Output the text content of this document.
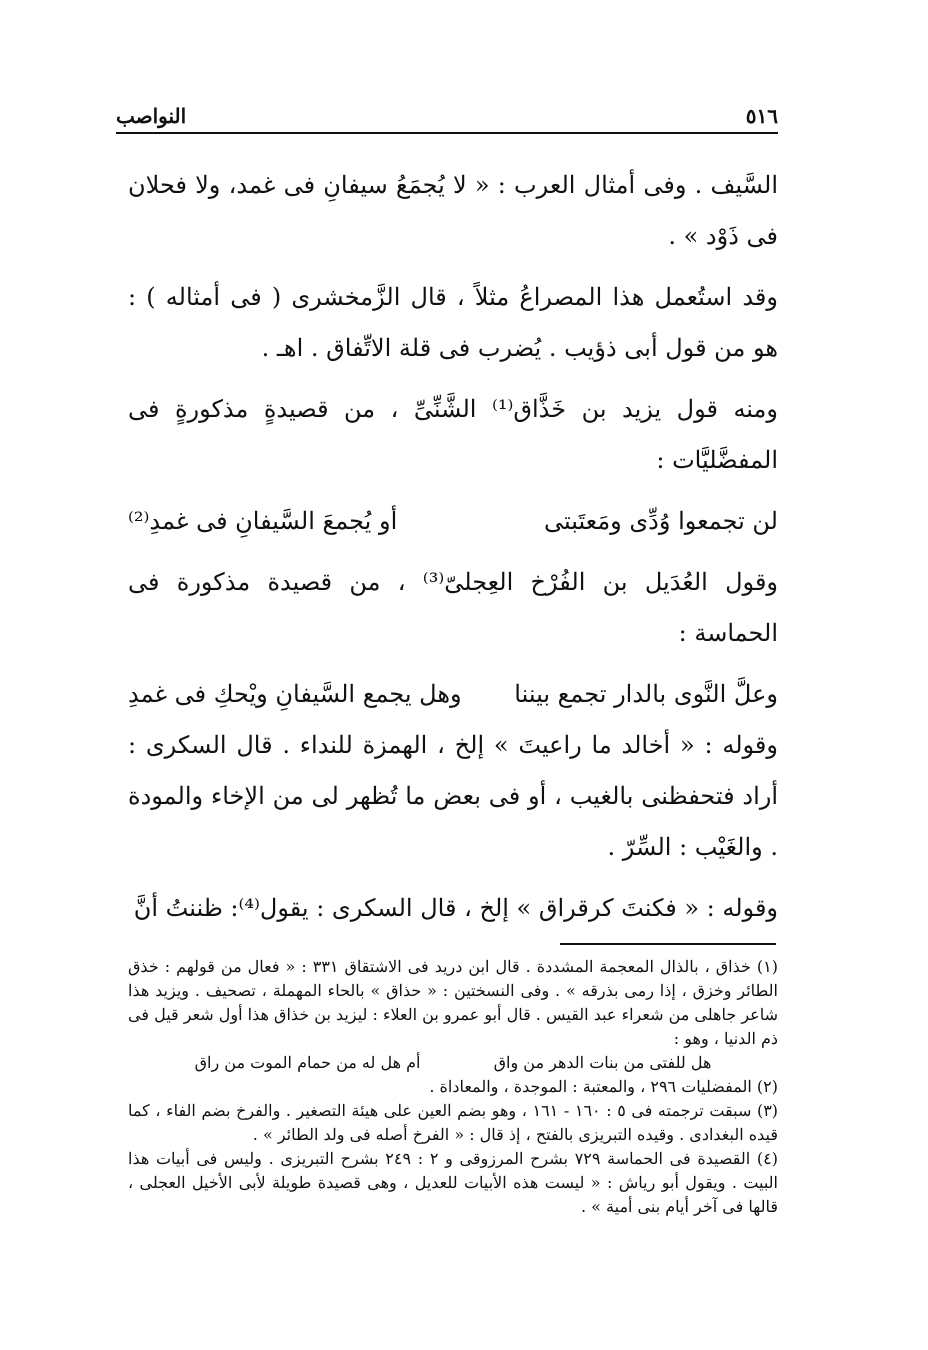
٥١٦
النواصب

السَّيف . وفى أمثال العرب : « لا يُجمَعُ سيفانِ فى غمد، ولا فحلان فى ذَوْد » .

وقد استُعمل هذا المصراعُ مثلاً ، قال الزَّمخشرى ( فى أمثاله ) : هو من قول أبى ذؤيب . يُضرب فى قلة الاتِّفاق . اهـ .

ومنه قول يزيد بن خَذَّاق⁽¹⁾ الشَّنِّىِّ ، من قصيدةٍ مذكورةٍ فى المفضَّليَّات :

لن تجمعوا وُدِّى ومَعتَبتى
أو يُجمعَ السَّيفانِ فى غمدِ⁽²⁾

وقول العُدَيل بن الفُرْخ العِجلىّ⁽³⁾ ، من قصيدة مذكورة فى الحماسة :

وعلَّ النَّوى بالدار تجمع بيننا
وهل يجمع السَّيفانِ ويْحكِ فى غمدِ

وقوله : « أخالد ما راعيتَ » إلخ ، الهمزة للنداء . قال السكرى : أراد فتحفظنى بالغيب ، أو فى بعض ما تُظهر لى من الإخاء والمودة . والغَيْب : السِّرّ .

وقوله : « فكنتَ كرقراق » إلخ ، قال السكرى : يقول⁽⁴⁾: ظننتُ أنَّ

(١) خذاق ، بالذال المعجمة المشددة . قال ابن دريد فى الاشتقاق ٣٣١ : « فعال من قولهم : خذق الطائر وخزق ، إذا رمى بذرقه » . وفى النسختين : « حذاق » بالحاء المهملة ، تصحيف . ويزيد هذا شاعر جاهلى من شعراء عبد القيس . قال أبو عمرو بن العلاء : ليزيد بن خذاق هذا أول شعر قيل فى ذم الدنيا ، وهو :

هل للفتى من بنات الدهر من واق
أم هل له من حمام الموت من راق

(٢) المفضليات ٢٩٦ ، والمعتبة : الموجدة ، والمعاداة .

(٣) سبقت ترجمته فى ٥ : ١٦٠ - ١٦١ ، وهو بضم العين على هيئة التصغير . والفرخ بضم الفاء ، كما قيده البغدادى . وقيده التبريزى بالفتح ، إذ قال : « الفرخ أصله فى ولد الطائر » .

(٤) القصيدة فى الحماسة ٧٢٩ بشرح المرزوقى و ٢ : ٢٤٩ بشرح التبريزى . وليس فى أبيات هذا البيت . ويقول أبو رياش : « ليست هذه الأبيات للعديل ، وهى قصيدة طويلة لأبى الأخيل العجلى ، قالها فى آخر أيام بنى أمية » .
